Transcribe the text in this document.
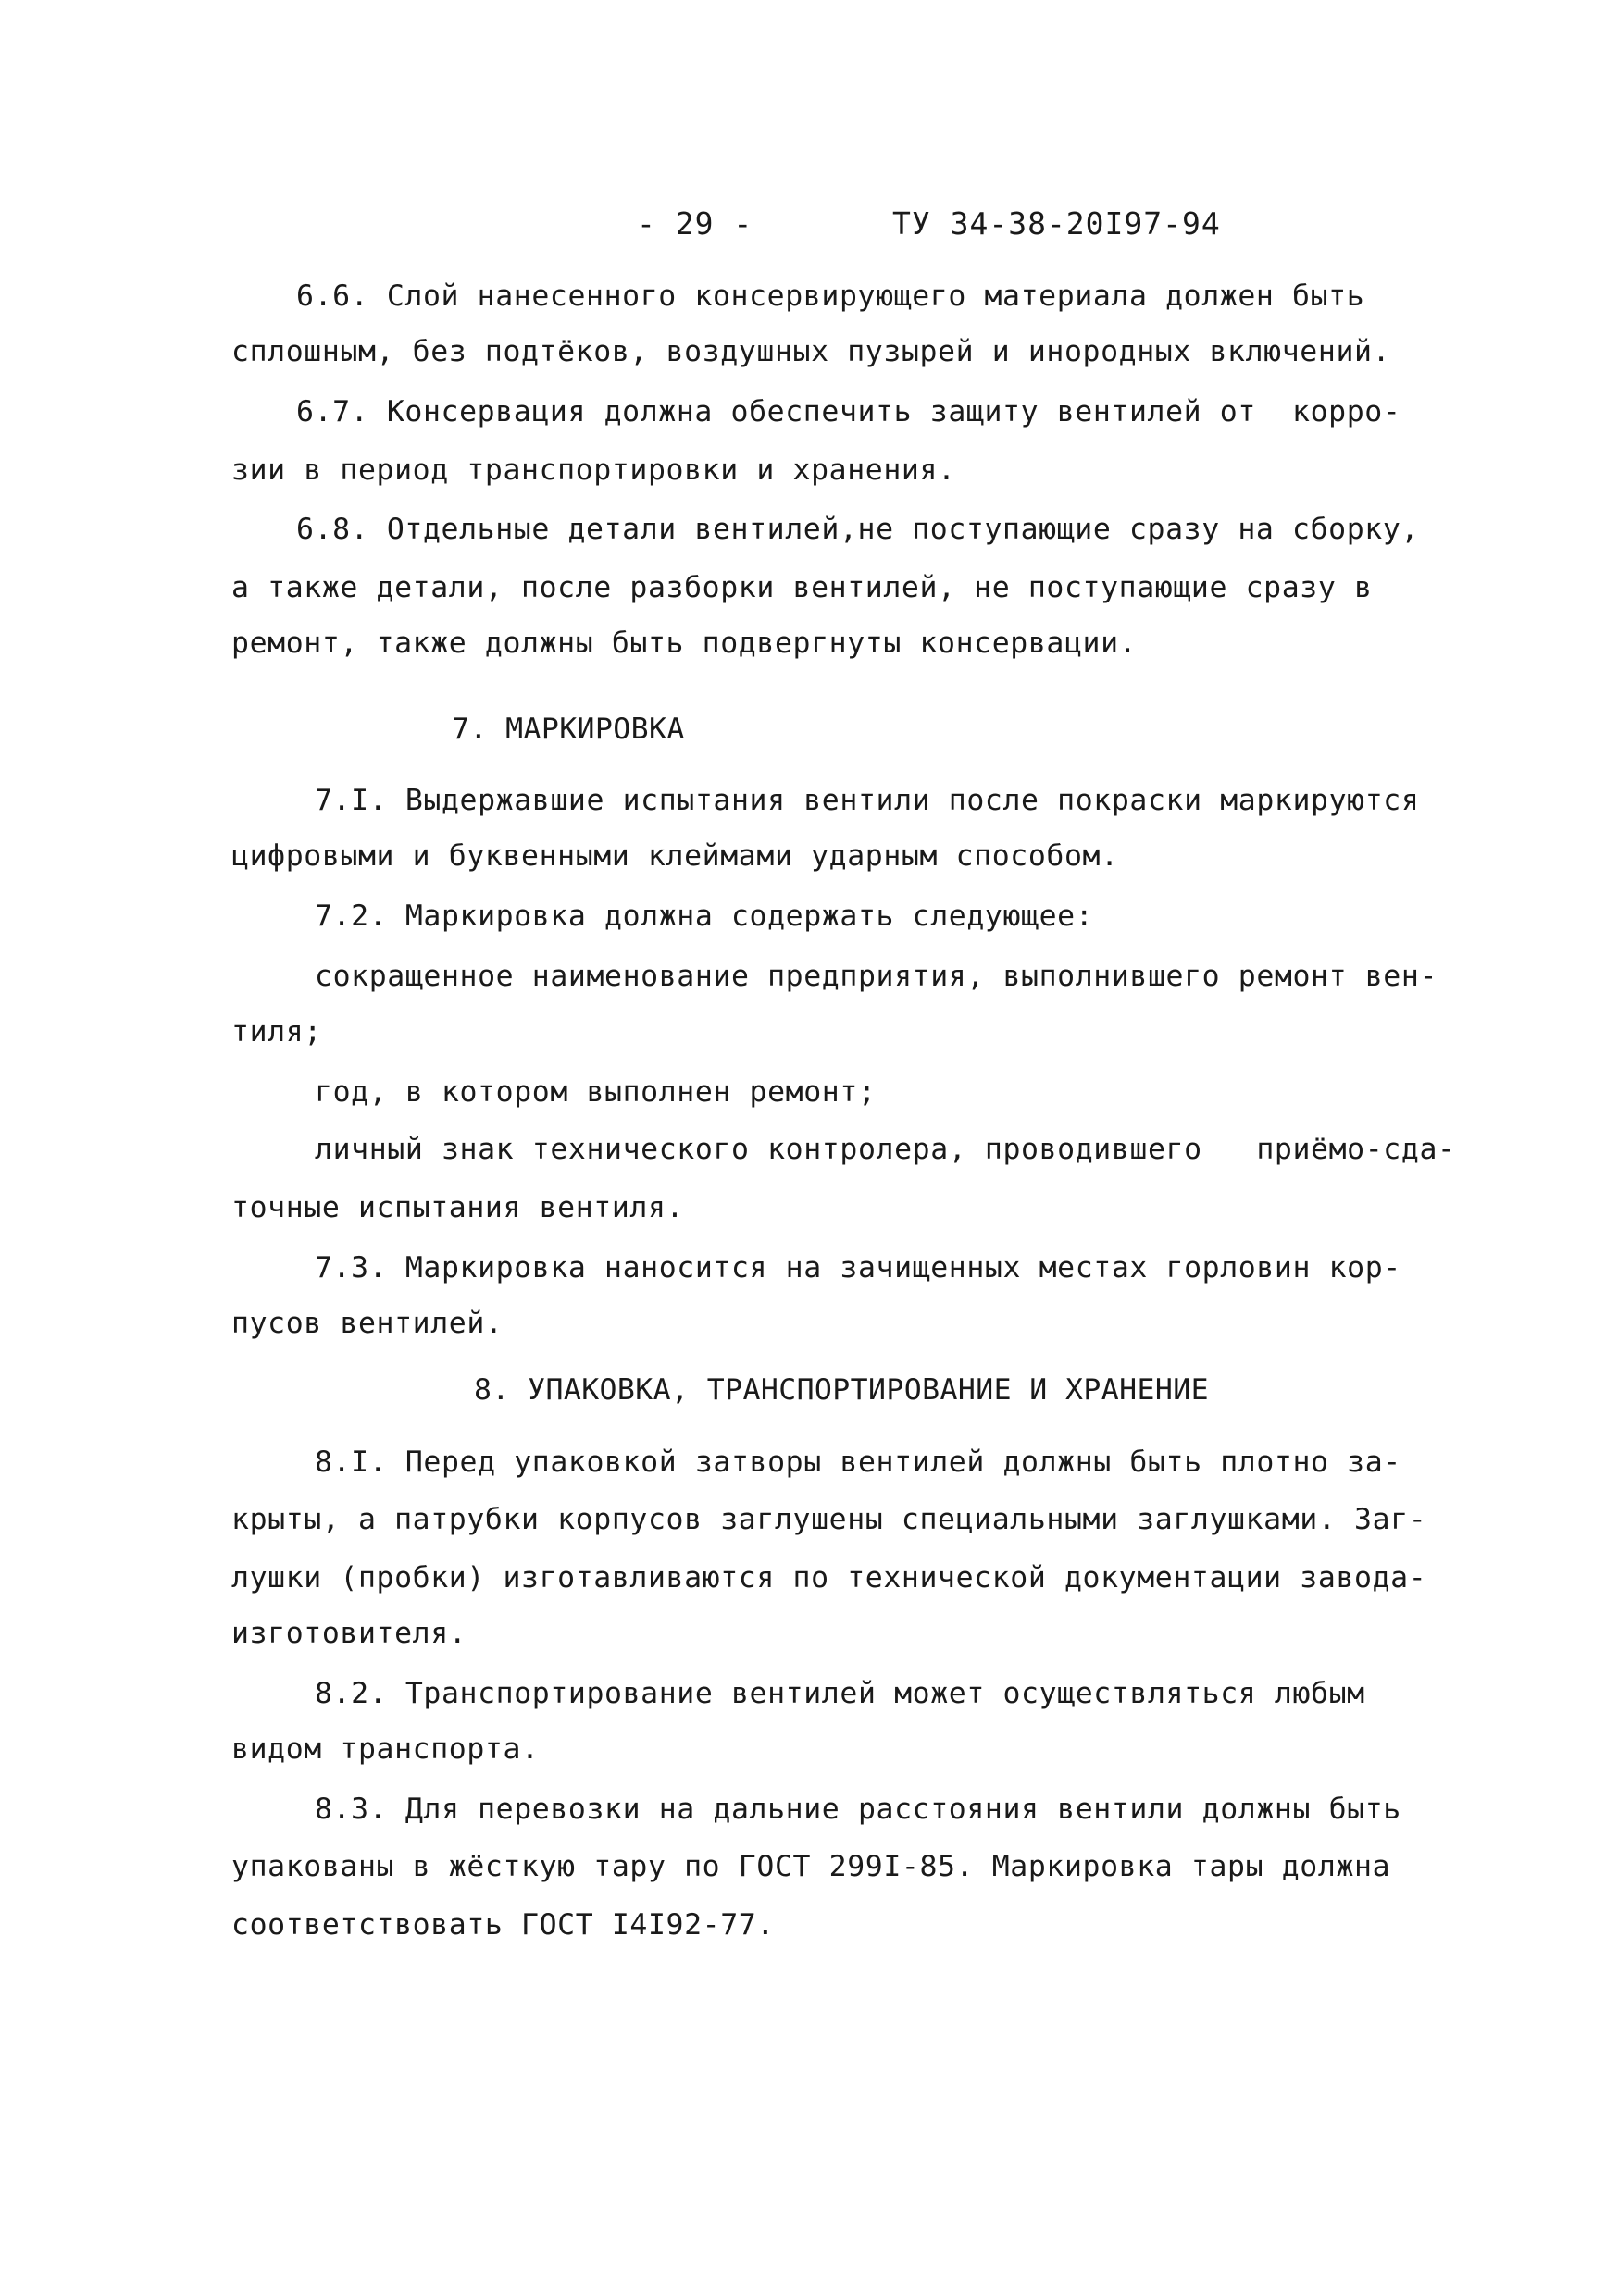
- 29 -	ТУ 34-38-20I97-94
6.6. Слой нанесенного консервирующего материала должен быть
сплошным, без подтёков, воздушных пузырей и инородных включений.
6.7. Консервация должна обеспечить защиту вентилей от  корро-
зии в период транспортировки и хранения.
6.8. Отдельные детали вентилей,не поступающие сразу на сборку,
а также детали, после разборки вентилей, не поступающие сразу в
ремонт, также должны быть подвергнуты консервации.
7. МАРКИРОВКА
7.I. Выдержавшие испытания вентили после покраски маркируются
цифровыми и буквенными клеймами ударным способом.
7.2. Маркировка должна содержать следующее:
сокращенное наименование предприятия, выполнившего ремонт вен-
тиля;
год, в котором выполнен ремонт;
личный знак технического контролера, проводившего   приёмо-сда-
точные испытания вентиля.
7.3. Маркировка наносится на зачищенных местах горловин кор-
пусов вентилей.
8. УПАКОВКА, ТРАНСПОРТИРОВАНИЕ И ХРАНЕНИЕ
8.I. Перед упаковкой затворы вентилей должны быть плотно за-
крыты, а патрубки корпусов заглушены специальными заглушками. Заг-
лушки (пробки) изготавливаются по технической документации завода-
изготовителя.
8.2. Транспортирование вентилей может осуществляться любым
видом транспорта.
8.3. Для перевозки на дальние расстояния вентили должны быть
упакованы в жёсткую тару по ГОСТ 299I-85. Маркировка тары должна
соответствовать ГОСТ I4I92-77.
